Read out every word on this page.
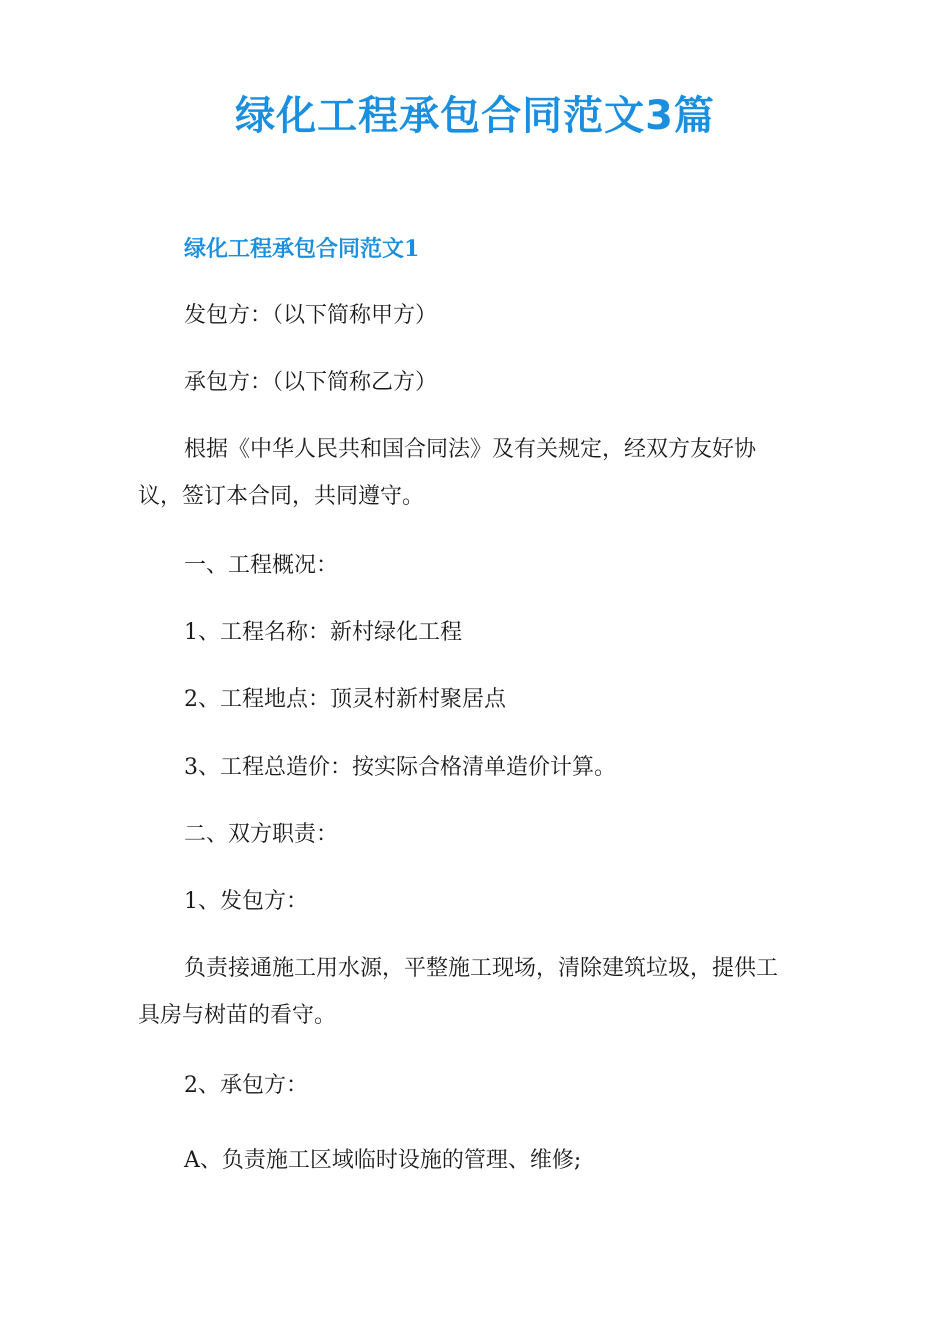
绿化工程承包合同范文3篇
绿化工程承包合同范文1

发包方：（以下简称甲方）

承包方：（以下简称乙方）

根据《中华人民共和国合同法》及有关规定，经双方友好协议，签订本合同，共同遵守。

一、工程概况：

1、工程名称：新村绿化工程

2、工程地点：顶灵村新村聚居点

3、工程总造价：按实际合格清单造价计算。

二、双方职责：

1、发包方：

负责接通施工用水源，平整施工现场，清除建筑垃圾，提供工具房与树苗的看守。

2、承包方：

A、负责施工区域临时设施的管理、维修;
